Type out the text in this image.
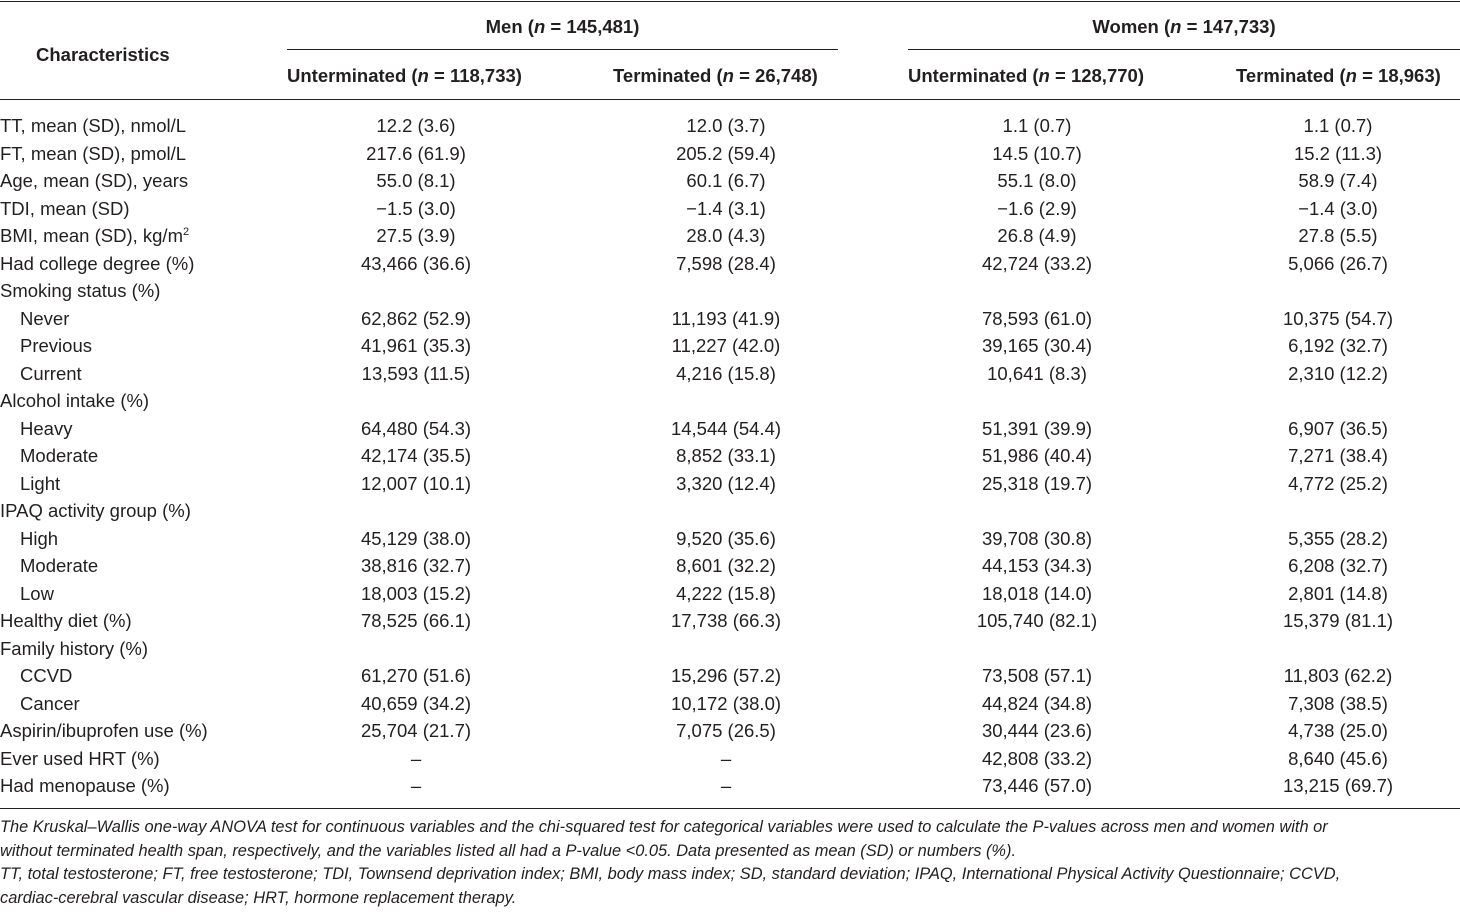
Characteristics
Men (n = 145,481)	Women (n = 147,733)
Unterminated (n = 118,733)	Terminated (n = 26,748)	Unterminated (n = 128,770)	Terminated (n = 18,963)
TT, mean (SD), nmol/L	12.2 (3.6)	12.0 (3.7)	1.1 (0.7)	1.1 (0.7)
FT, mean (SD), pmol/L	217.6 (61.9)	205.2 (59.4)	14.5 (10.7)	15.2 (11.3)
Age, mean (SD), years	55.0 (8.1)	60.1 (6.7)	55.1 (8.0)	58.9 (7.4)
TDI, mean (SD)	−1.5 (3.0)	−1.4 (3.1)	−1.6 (2.9)	−1.4 (3.0)
BMI, mean (SD), $kg/m^2$	27.5 (3.9)	28.0 (4.3)	26.8 (4.9)	27.8 (5.5)
Had college degree (%)	43,466 (36.6)	7,598 (28.4)	42,724 (33.2)	5,066 (26.7)
Smoking status (%)
Never	62,862 (52.9)	11,193 (41.9)	78,593 (61.0)	10,375 (54.7)
Previous	41,961 (35.3)	11,227 (42.0)	39,165 (30.4)	6,192 (32.7)
Current	13,593 (11.5)	4,216 (15.8)	10,641 (8.3)	2,310 (12.2)
Alcohol intake (%)
Heavy	64,480 (54.3)	14,544 (54.4)	51,391 (39.9)	6,907 (36.5)
Moderate	42,174 (35.5)	8,852 (33.1)	51,986 (40.4)	7,271 (38.4)
Light	12,007 (10.1)	3,320 (12.4)	25,318 (19.7)	4,772 (25.2)
IPAQ activity group (%)
High	45,129 (38.0)	9,520 (35.6)	39,708 (30.8)	5,355 (28.2)
Moderate	38,816 (32.7)	8,601 (32.2)	44,153 (34.3)	6,208 (32.7)
Low	18,003 (15.2)	4,222 (15.8)	18,018 (14.0)	2,801 (14.8)
Healthy diet (%)	78,525 (66.1)	17,738 (66.3)	105,740 (82.1)	15,379 (81.1)
Family history (%)
CCVD	61,270 (51.6)	15,296 (57.2)	73,508 (57.1)	11,803 (62.2)
Cancer	40,659 (34.2)	10,172 (38.0)	44,824 (34.8)	7,308 (38.5)
Aspirin/ibuprofen use (%)	25,704 (21.7)	7,075 (26.5)	30,444 (23.6)	4,738 (25.0)
Ever used HRT (%)	–	–	42,808 (33.2)	8,640 (45.6)
Had menopause (%)	–	–	73,446 (57.0)	13,215 (69.7)
The Kruskal–Wallis one-way ANOVA test for continuous variables and the chi-squared test for categorical variables were used to calculate the P-values across men and women with or
without terminated health span, respectively, and the variables listed all had a P-value <0.05. Data presented as mean (SD) or numbers (%).
TT, total testosterone; FT, free testosterone; TDI, Townsend deprivation index; BMI, body mass index; SD, standard deviation; IPAQ, International Physical Activity Questionnaire; CCVD,
cardiac-cerebral vascular disease; HRT, hormone replacement therapy.
